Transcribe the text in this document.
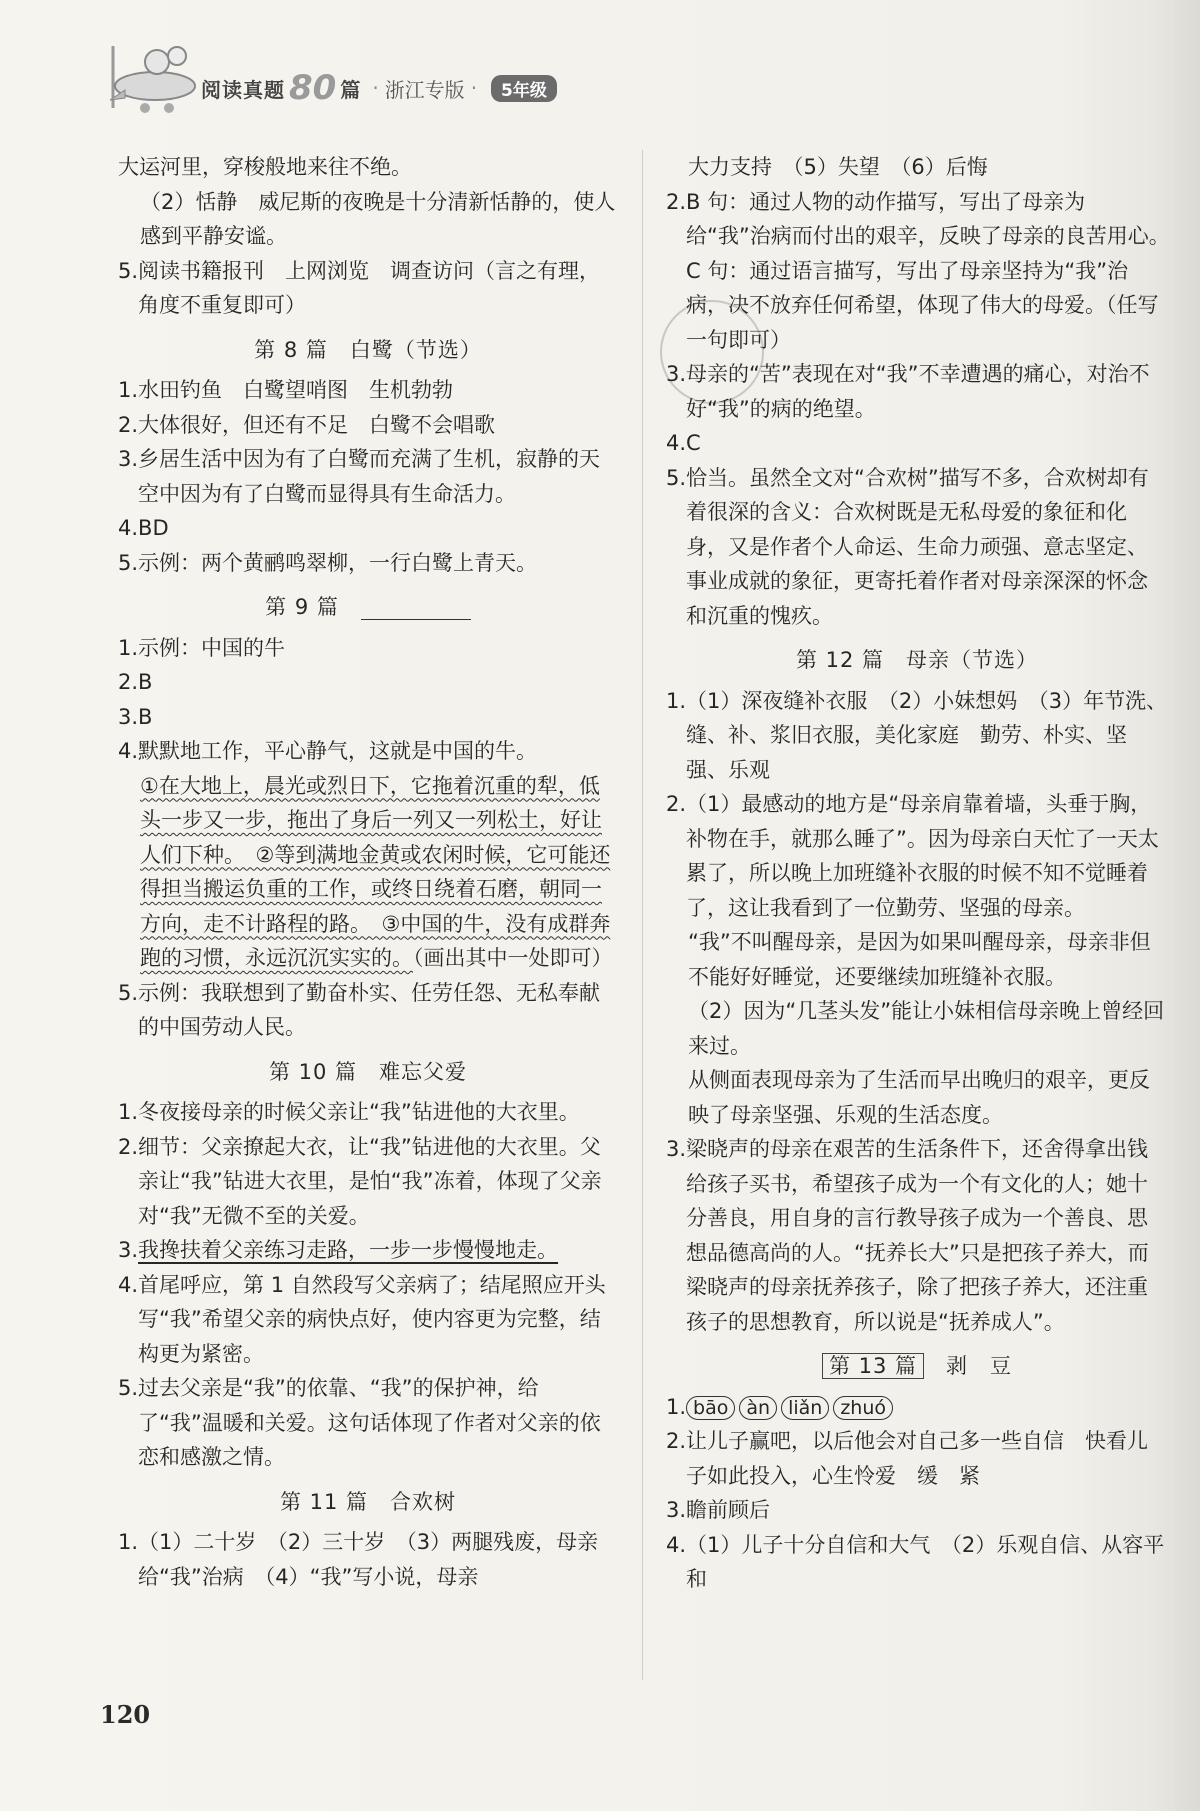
阅读真题 80 篇 · 浙江专版 ·	5年级

大运河里，穿梭般地来往不绝。

（2）恬静　威尼斯的夜晚是十分清新恬静的，使人感到平静安谧。

5. 阅读书籍报刊　上网浏览　调查访问（言之有理，角度不重复即可）
第 8 篇 白鹭（节选）
1. 水田钓鱼　白鹭望哨图　生机勃勃
2. 大体很好，但还有不足　白鹭不会唱歌
3. 乡居生活中因为有了白鹭而充满了生机，寂静的天空中因为有了白鹭而显得具有生命活力。
4. BD
5. 示例：两个黄鹂鸣翠柳，一行白鹭上青天。
第 9 篇
1. 示例：中国的牛
2. B
3. B
4. 默默地工作，平心静气，这就是中国的牛。

①在大地上，晨光或烈日下，它拖着沉重的犁，低头一步又一步，拖出了身后一列又一列松土，好让人们下种。　②等到满地金黄或农闲时候，它可能还得担当搬运负重的工作，或终日绕着石磨，朝同一方向，走不计路程的路。　③中国的牛，没有成群奔跑的习惯，永远沉沉实实的。（画出其中一处即可）

5. 示例：我联想到了勤奋朴实、任劳任怨、无私奉献的中国劳动人民。
第 10 篇 难忘父爱
1. 冬夜接母亲的时候父亲让“我”钻进他的大衣里。
2. 细节：父亲撩起大衣，让“我”钻进他的大衣里。父亲让“我”钻进大衣里，是怕“我”冻着，体现了父亲对“我”无微不至的关爱。
3. 我搀扶着父亲练习走路，一步一步慢慢地走。
4. 首尾呼应，第 1 自然段写父亲病了；结尾照应开头写“我”希望父亲的病快点好，使内容更为完整，结构更为紧密。
5. 过去父亲是“我”的依靠、“我”的保护神，给了“我”温暖和关爱。这句话体现了作者对父亲的依恋和感激之情。
第 11 篇 合欢树
1. （1）二十岁　（2）三十岁　（3）两腿残废，母亲给“我”治病　（4）“我”写小说，母亲

大力支持　（5）失望　（6）后悔

2. B 句：通过人物的动作描写，写出了母亲为给“我”治病而付出的艰辛，反映了母亲的良苦用心。　C 句：通过语言描写，写出了母亲坚持为“我”治病，决不放弃任何希望，体现了伟大的母爱。（任写一句即可）
3. 母亲的“苦”表现在对“我”不幸遭遇的痛心，对治不好“我”的病的绝望。
4. C
5. 恰当。虽然全文对“合欢树”描写不多，合欢树却有着很深的含义：合欢树既是无私母爱的象征和化身，又是作者个人命运、生命力顽强、意志坚定、事业成就的象征，更寄托着作者对母亲深深的怀念和沉重的愧疚。
第 12 篇 母亲（节选）
1. （1）深夜缝补衣服　（2）小妹想妈　（3）年节洗、缝、补、浆旧衣服，美化家庭　勤劳、朴实、坚强、乐观
2. （1）最感动的地方是“母亲肩靠着墙，头垂于胸，补物在手，就那么睡了”。因为母亲白天忙了一天太累了，所以晚上加班缝补衣服的时候不知不觉睡着了，这让我看到了一位勤劳、坚强的母亲。

“我”不叫醒母亲，是因为如果叫醒母亲，母亲非但不能好好睡觉，还要继续加班缝补衣服。

（2）因为“几茎头发”能让小妹相信母亲晚上曾经回来过。

从侧面表现母亲为了生活而早出晚归的艰辛，更反映了母亲坚强、乐观的生活态度。

3. 梁晓声的母亲在艰苦的生活条件下，还舍得拿出钱给孩子买书，希望孩子成为一个有文化的人；她十分善良，用自身的言行教导孩子成为一个善良、思想品德高尚的人。“抚养长大”只是把孩子养大，而梁晓声的母亲抚养孩子，除了把孩子养大，还注重孩子的思想教育，所以说是“抚养成人”。
第 13 篇 剥　豆
1. bāo àn liǎn zhuó
2. 让儿子赢吧，以后他会对自己多一些自信　快看儿子如此投入，心生怜爱　缓　紧
3. 瞻前顾后
4. （1）儿子十分自信和大气　（2）乐观自信、从容平和
120
